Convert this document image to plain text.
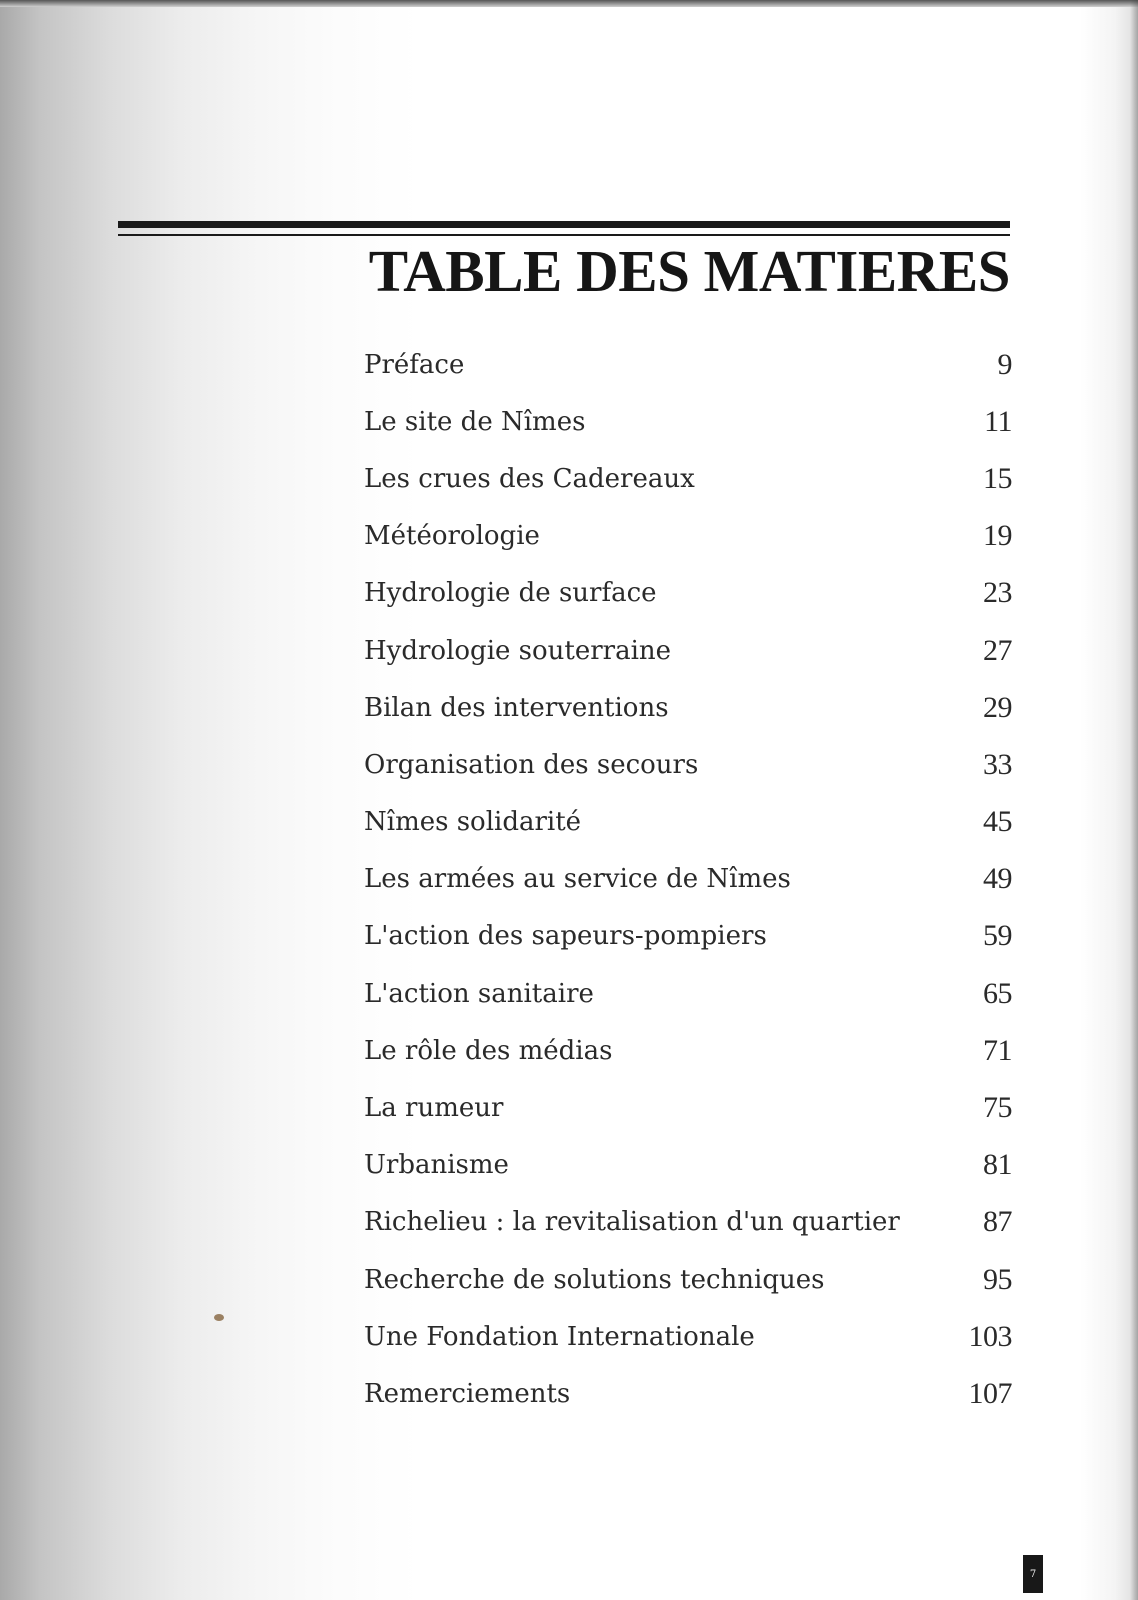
TABLE DES MATIERES
Préface	9
Le site de Nîmes	11
Les crues des Cadereaux	15
Météorologie	19
Hydrologie de surface	23
Hydrologie souterraine	27
Bilan des interventions	29
Organisation des secours	33
Nîmes solidarité	45
Les armées au service de Nîmes	49
L'action des sapeurs-pompiers	59
L'action sanitaire	65
Le rôle des médias	71
La rumeur	75
Urbanisme	81
Richelieu : la revitalisation d'un quartier	87
Recherche de solutions techniques	95
Une Fondation Internationale	103
Remerciements	107
7
